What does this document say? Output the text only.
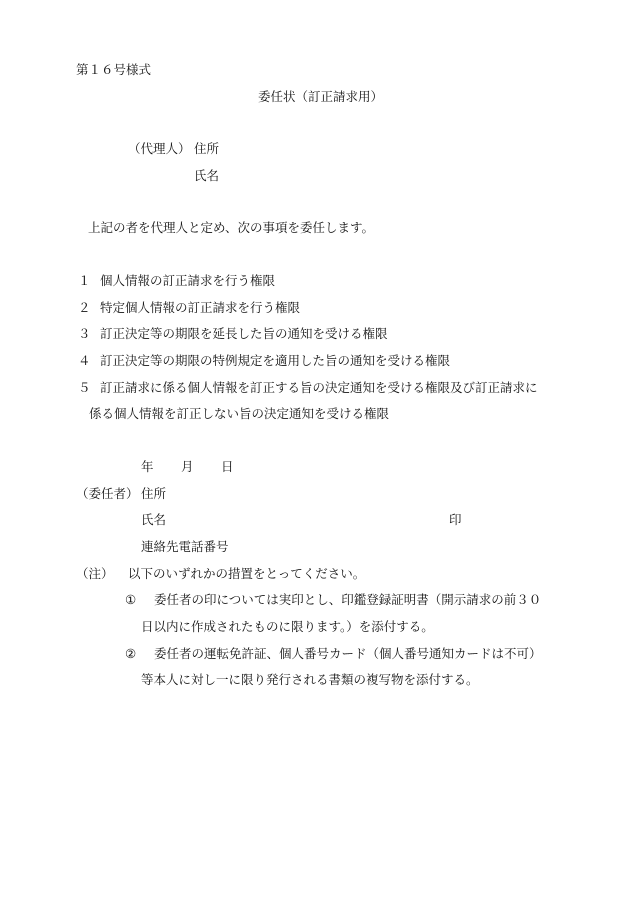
第１６号様式
委任状（訂正請求用）
（代理人） 住所
氏名
上記の者を代理人と定め、次の事項を委任します。
１ 個人情報の訂正請求を行う権限
２ 特定個人情報の訂正請求を行う権限
３ 訂正決定等の期限を延長した旨の通知を受ける権限
４ 訂正決定等の期限の特例規定を適用した旨の通知を受ける権限
５ 訂正請求に係る個人情報を訂正する旨の決定通知を受ける権限及び訂正請求に
係る個人情報を訂正しない旨の決定通知を受ける権限
年 月 日
（委任者） 住所
氏名	印
連絡先電話番号
（注） 以下のいずれかの措置をとってください。
① 委任者の印については実印とし、印鑑登録証明書（開示請求の前３０
日以内に作成されたものに限ります。）を添付する。
② 委任者の運転免許証、個人番号カード（個人番号通知カードは不可）
等本人に対し一に限り発行される書類の複写物を添付する。
